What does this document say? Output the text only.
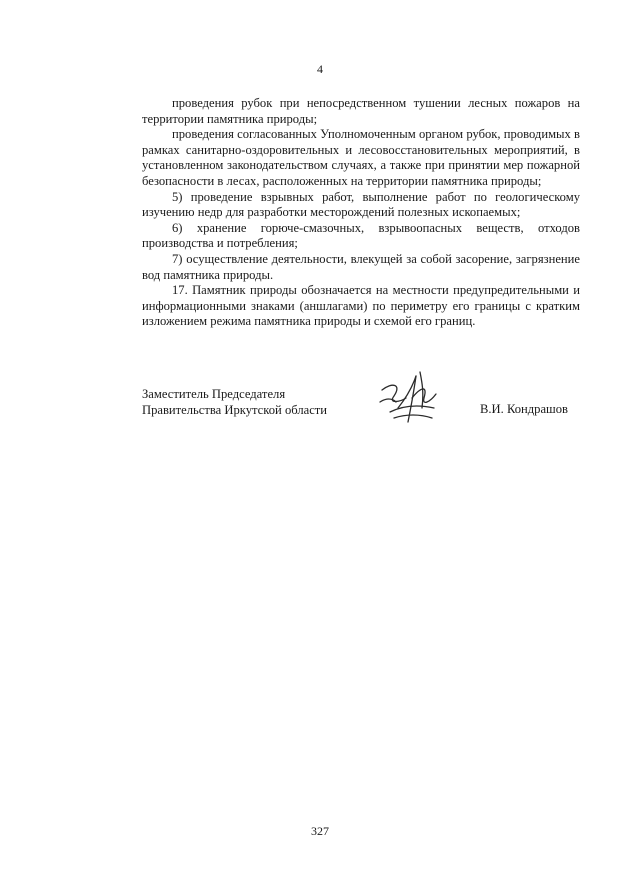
4

проведения рубок при непосредственном тушении лесных пожаров на территории памятника природы;

проведения согласованных Уполномоченным органом рубок, проводимых в рамках санитарно-оздоровительных и лесовосстановительных мероприятий, в установленном законодательством случаях, а также при принятии мер пожарной безопасности в лесах, расположенных на территории памятника природы;

5) проведение взрывных работ, выполнение работ по геологическому изучению недр для разработки месторождений полезных ископаемых;

6) хранение горюче-смазочных, взрывоопасных веществ, отходов производства и потребления;

7) осуществление деятельности, влекущей за собой засорение, загрязнение вод памятника природы.

17. Памятник природы обозначается на местности предупредительными и информационными знаками (аншлагами) по периметру его границы с кратким изложением режима памятника природы и схемой его границ.

Заместитель Председателя
Правительства Иркутской области	В.И. Кондрашов
327
